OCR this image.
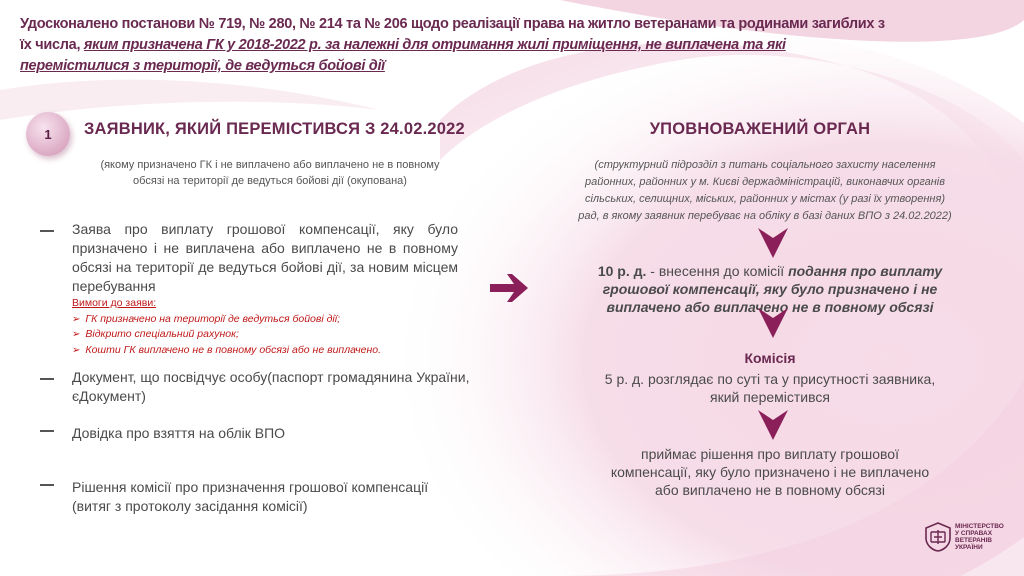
Удосконалено постанови № 719, № 280, № 214 та № 206 щодо реалізації права на житло ветеранами та родинами загиблих з
їх числа, яким призначена ГК у 2018-2022 р. за належні для отримання жилі приміщення, не виплачена та які
перемістилися з території, де ведуться бойові дії
1	ЗАЯВНИК, ЯКИЙ ПЕРЕМІСТИВСЯ З 24.02.2022
(якому призначено ГК і не виплачено або виплачено не в повному
обсязі на території де ведуться бойові дії (окупована)
Заява про виплату грошової компенсації, яку було призначено і не виплачена або виплачено не в повному обсязі на території де ведуться бойові дії, за новим місцем перебування
Вимоги до заяви:
➢ ГК призначено на території де ведуться бойові дії;
➢ Відкрито спеціальний рахунок;
➢ Кошти ГК виплачено не в повному обсязі або не виплачено.
Документ, що посвідчує особу(паспорт громадянина України, єДокумент)
Довідка про взяття на облік ВПО
Рішення комісії про призначення грошової компенсації (витяг з протоколу засідання комісії)
УПОВНОВАЖЕНИЙ ОРГАН
(структурний підрозділ з питань соціального захисту населення
районних, районних у м. Києві держадміністрацій, виконавчих органів
сільських, селищних, міських, районних у містах (у разі їх утворення)
рад, в якому заявник перебуває на обліку в базі даних ВПО з 24.02.2022)
10 р. д. - внесення до комісії подання про виплату грошової компенсації, яку було призначено і не виплачено або виплачено не в повному обсязі
Комісія
5 р. д. розглядає по суті та у присутності заявника,
який перемістився
приймає рішення про виплату грошової
компенсації, яку було призначено і не виплачено
або виплачено не в повному обсязі
МІНІСТЕРСТВО
У СПРАВАХ
ВЕТЕРАНІВ
УКРАЇНИ
